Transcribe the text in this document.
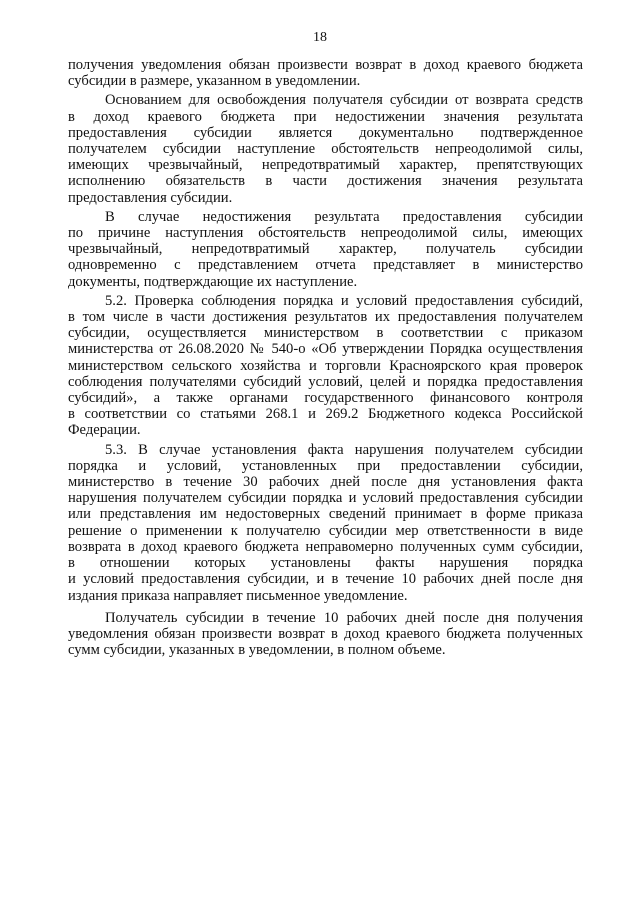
18
получения уведомления обязан произвести возврат в доход краевого бюджета
субсидии в размере, указанном в уведомлении.
Основанием для освобождения получателя субсидии от возврата средств
в доход краевого бюджета при недостижении значения результата
предоставления субсидии является документально подтвержденное
получателем субсидии наступление обстоятельств непреодолимой силы,
имеющих чрезвычайный, непредотвратимый характер, препятствующих
исполнению обязательств в части достижения значения результата
предоставления субсидии.
В случае недостижения результата предоставления субсидии
по причине наступления обстоятельств непреодолимой силы, имеющих
чрезвычайный, непредотвратимый характер, получатель субсидии
одновременно с представлением отчета представляет в министерство
документы, подтверждающие их наступление.
5.2. Проверка соблюдения порядка и условий предоставления субсидий,
в том числе в части достижения результатов их предоставления получателем
субсидии, осуществляется министерством в соответствии с приказом
министерства от 26.08.2020 № 540-о «Об утверждении Порядка осуществления
министерством сельского хозяйства и торговли Красноярского края проверок
соблюдения получателями субсидий условий, целей и порядка предоставления
субсидий», а также органами государственного финансового контроля
в соответствии со статьями 268.1 и 269.2 Бюджетного кодекса Российской
Федерации.
5.3. В случае установления факта нарушения получателем субсидии
порядка и условий, установленных при предоставлении субсидии,
министерство в течение 30 рабочих дней после дня установления факта
нарушения получателем субсидии порядка и условий предоставления субсидии
или представления им недостоверных сведений принимает в форме приказа
решение о применении к получателю субсидии мер ответственности в виде
возврата в доход краевого бюджета неправомерно полученных сумм субсидии,
в отношении которых установлены факты нарушения порядка
и условий предоставления субсидии, и в течение 10 рабочих дней после дня
издания приказа направляет письменное уведомление.
Получатель субсидии в течение 10 рабочих дней после дня получения
уведомления обязан произвести возврат в доход краевого бюджета полученных
сумм субсидии, указанных в уведомлении, в полном объеме.
